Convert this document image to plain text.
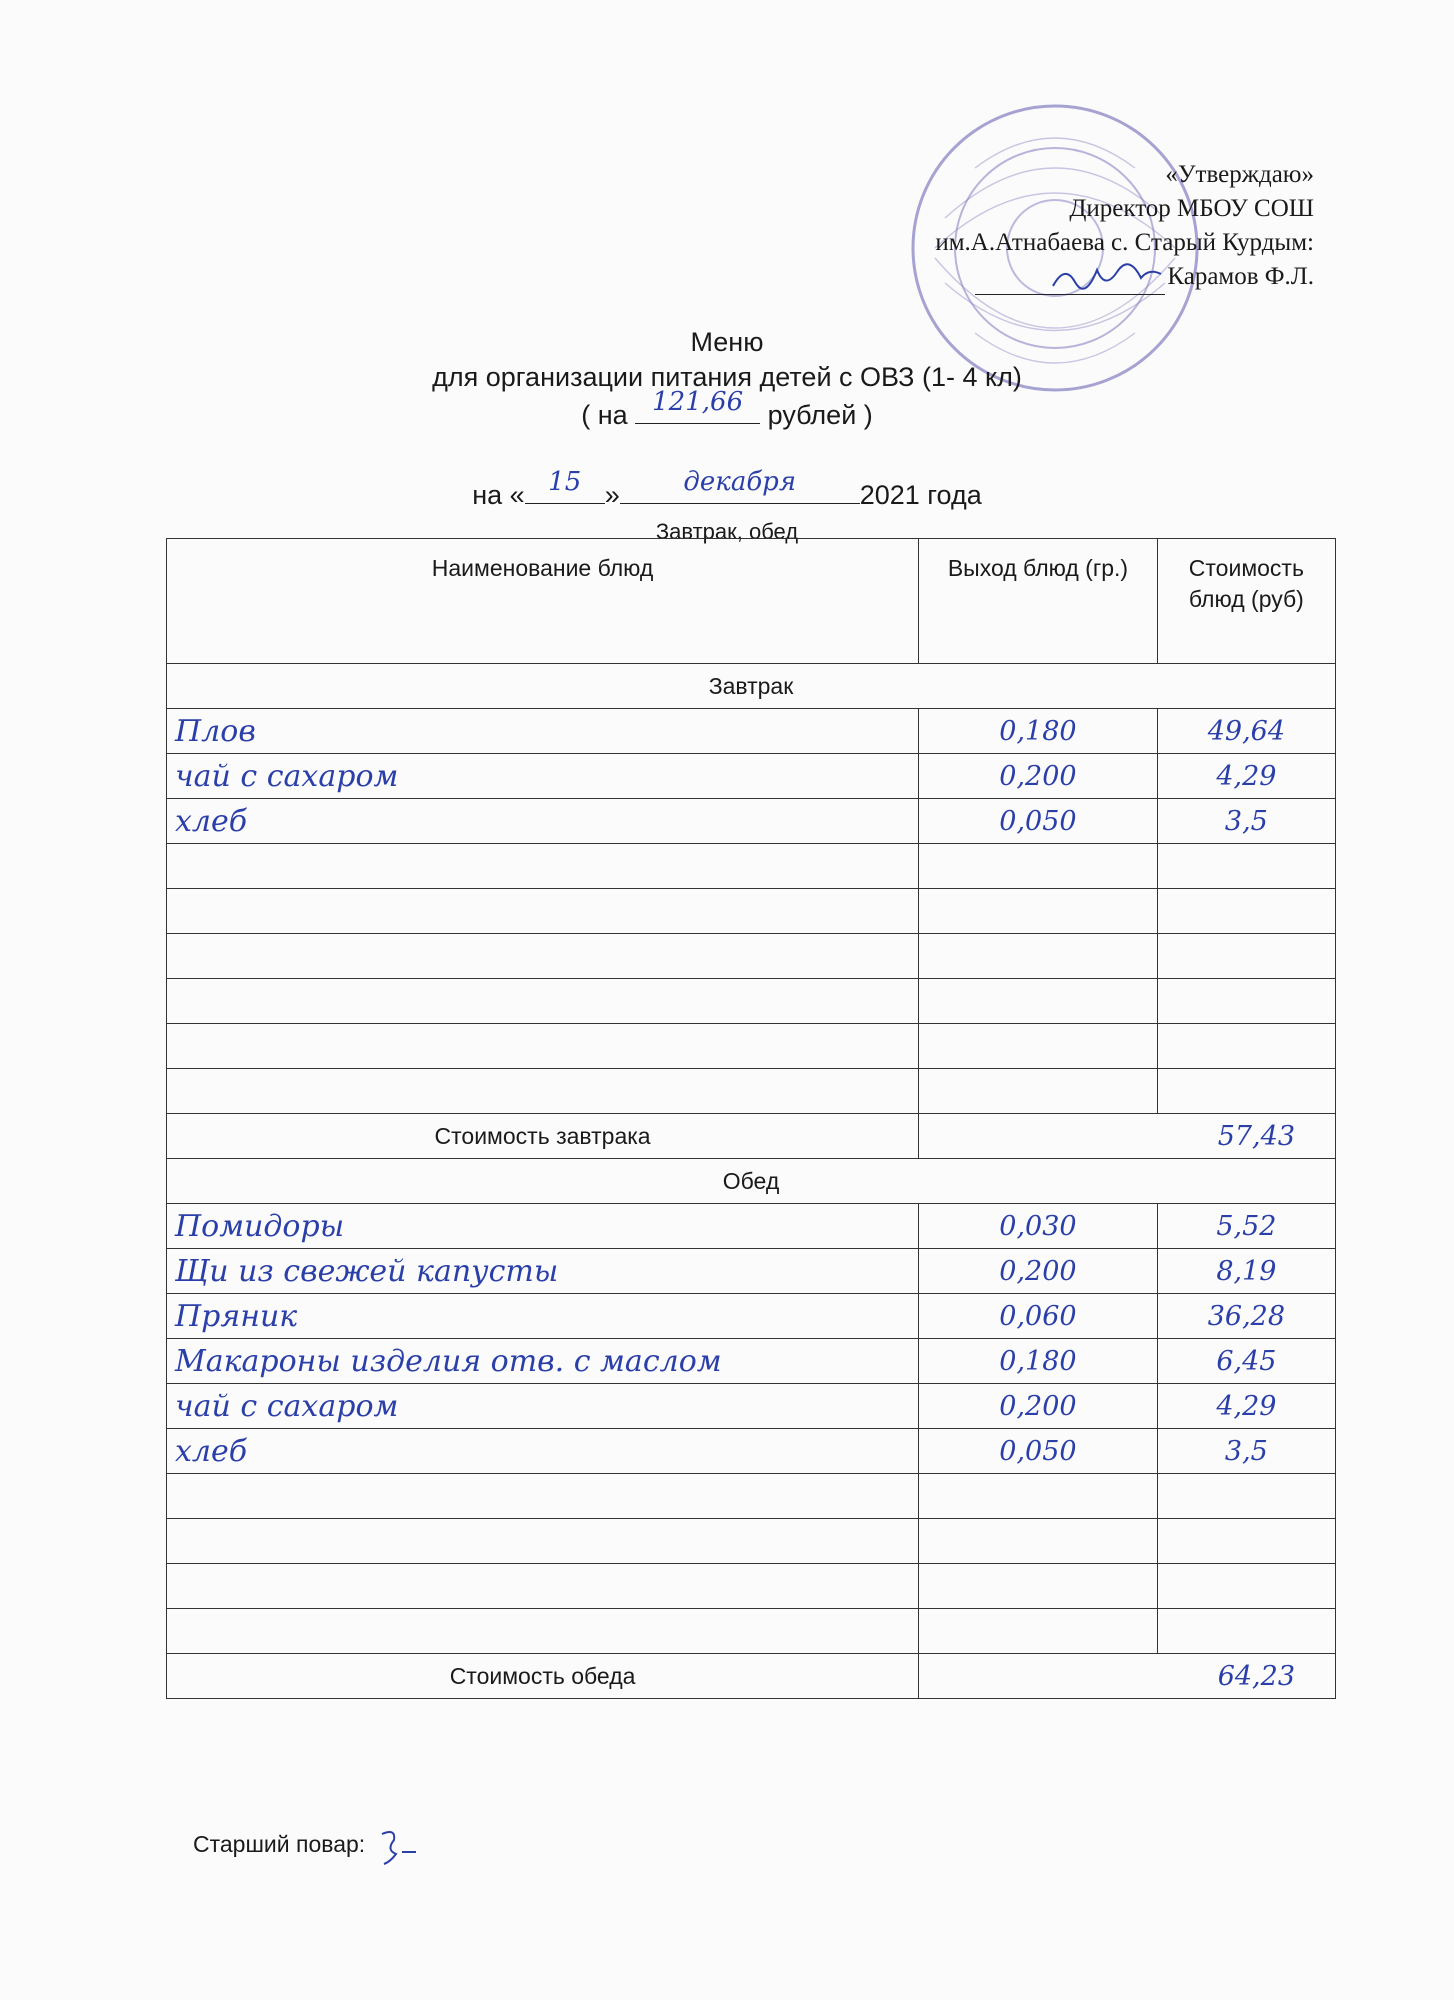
«Утверждаю»
Директор МБОУ СОШ
им.А.Атнабаева с. Старый Курдым:
Карамов Ф.Л.
Меню
для организации питания детей с ОВЗ (1- 4 кл)
( на 121,66 рублей )
на « 15 »	декабря	2021 года
Завтрак, обед
Наименование блюд	Выход блюд (гр.)	Стоимость блюд (руб)
Завтрак		
Плов	0,180	49,64
чай с сахаром	0,200	4,29
хлеб	0,050	3,5

Стоимость завтрака	57,43	
Обед		
Помидоры	0,030	5,52
Щи из свежей капусты	0,200	8,19
Пряник	0,060	36,28
Макароны изделия отв. с маслом	0,180	6,45
чай с сахаром	0,200	4,29
хлеб	0,050	3,5

Стоимость обеда	64,23	
Старший повар:
